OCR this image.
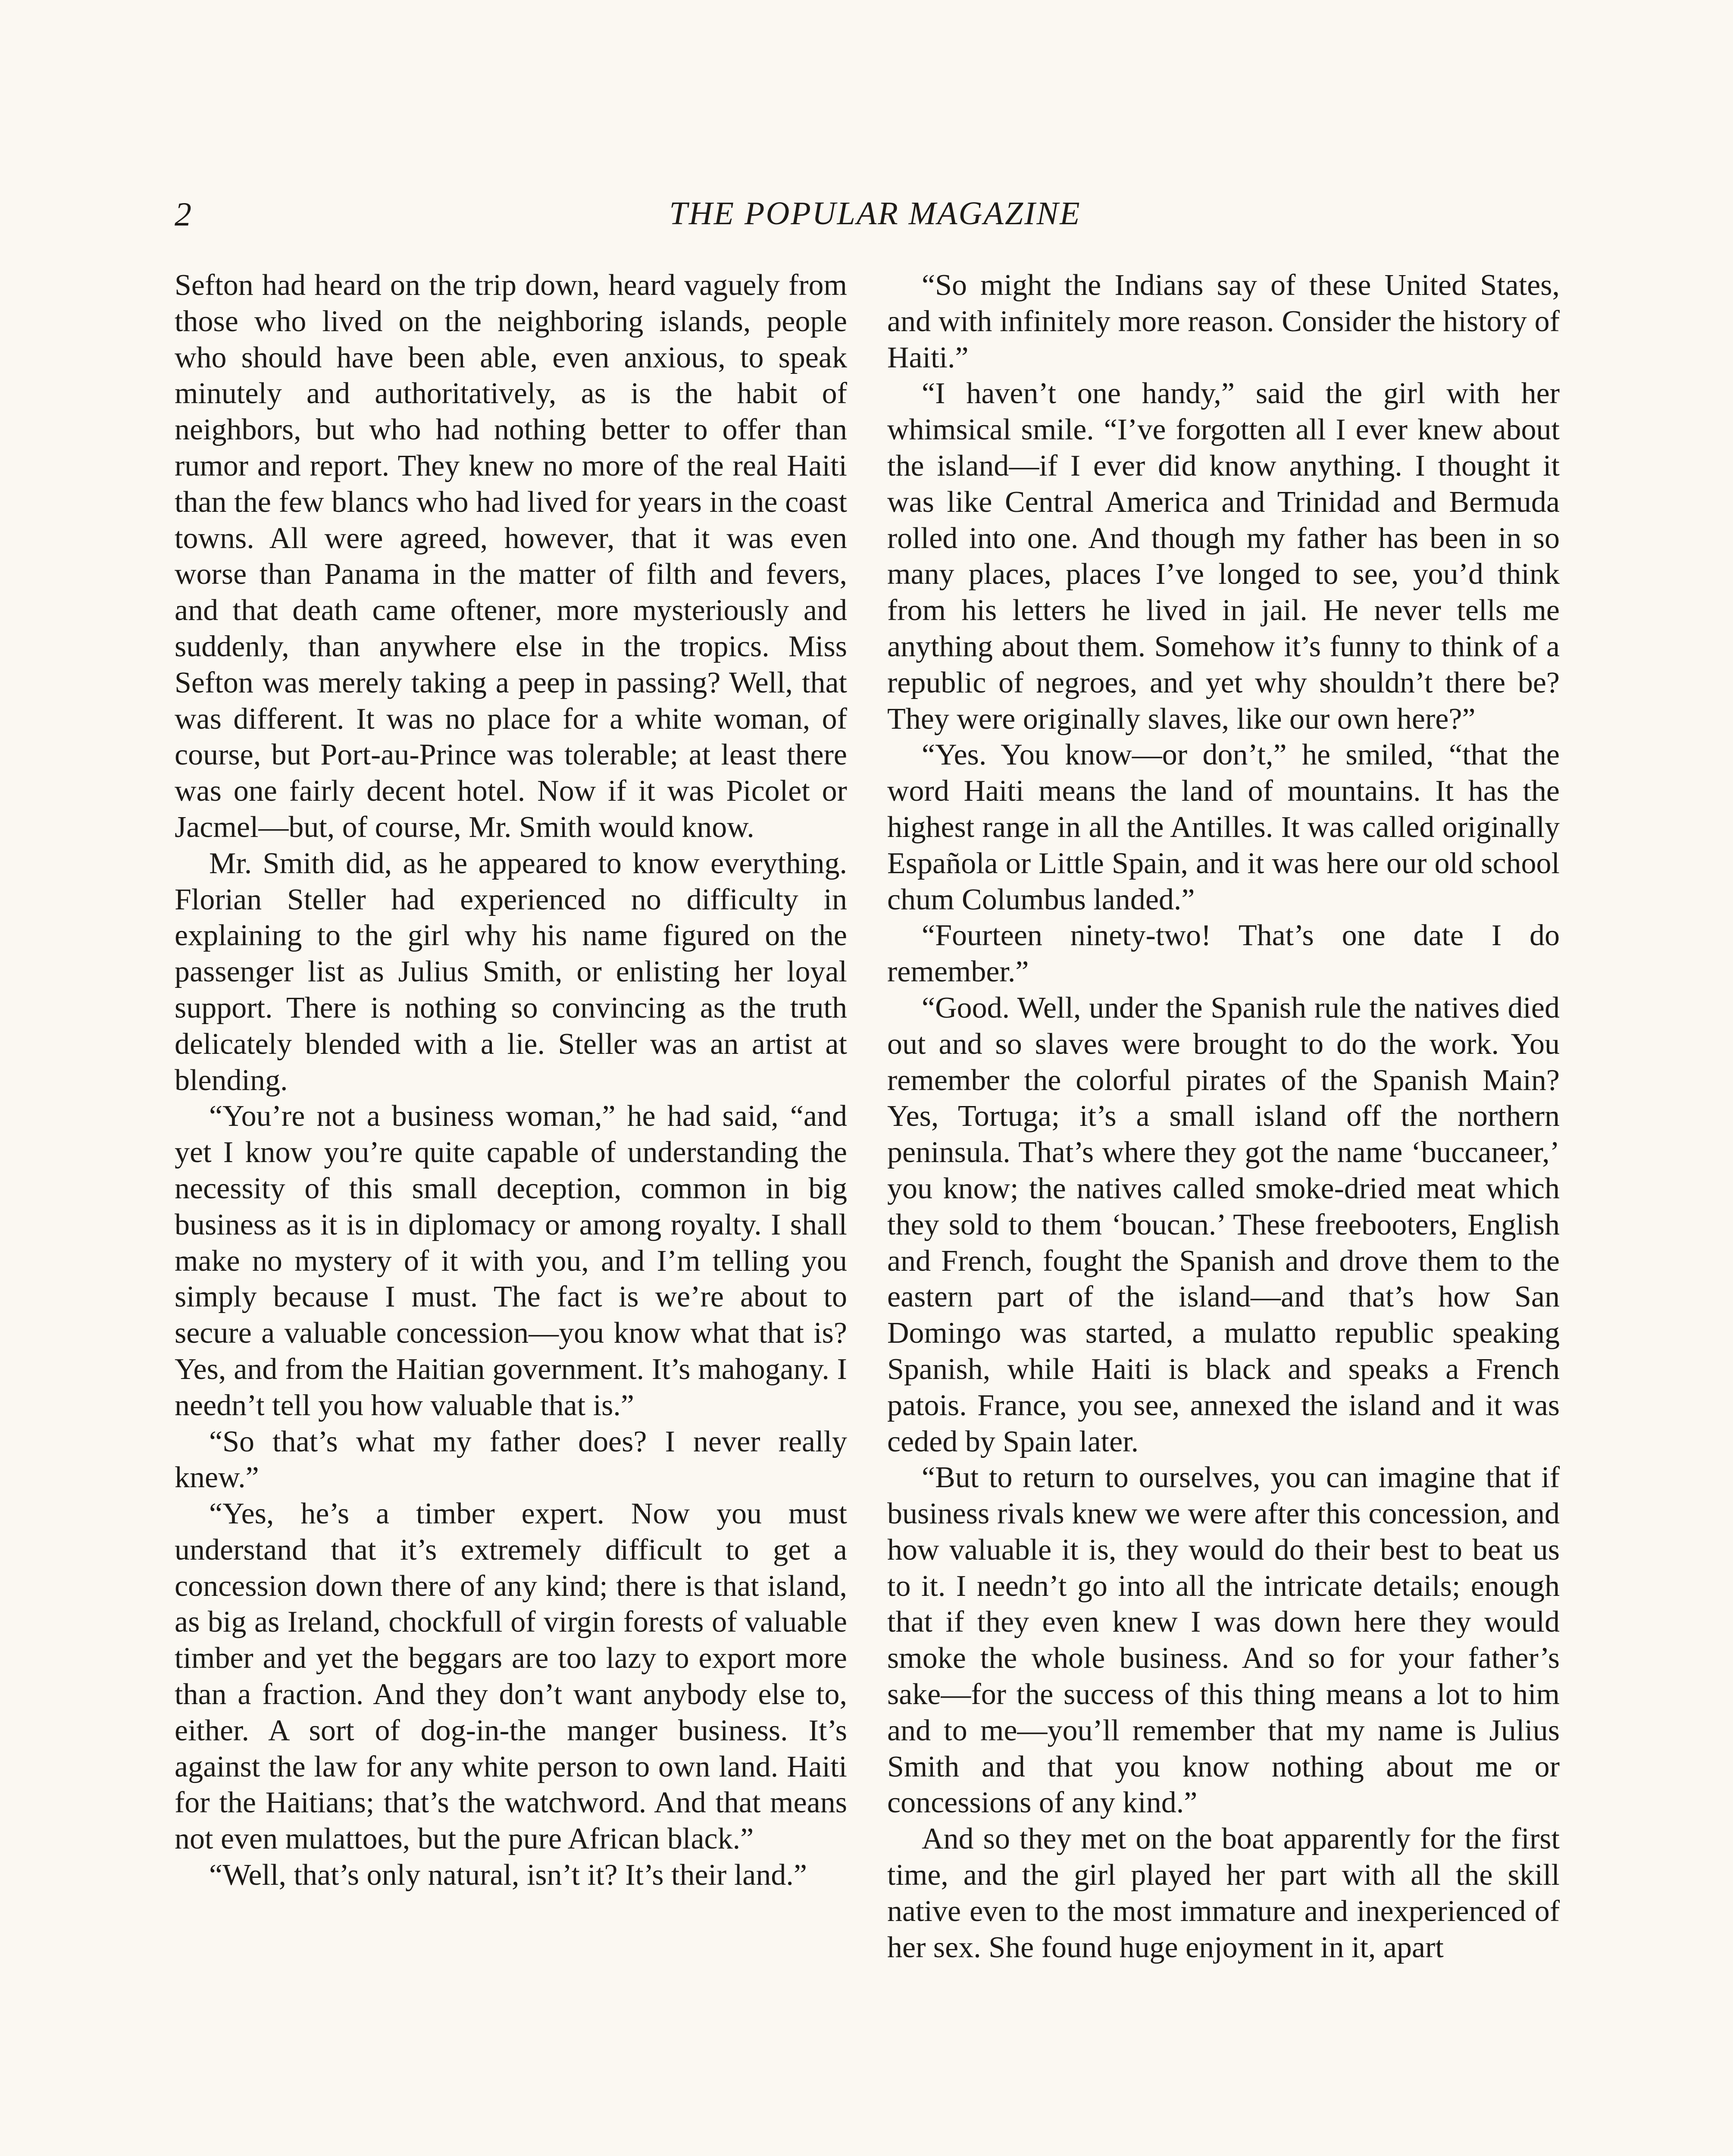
2	THE POPULAR MAGAZINE

Sefton had heard on the trip down, heard vaguely from those who lived on the neighboring islands, people who should have been able, even anxious, to speak minutely and authoritatively, as is the habit of neighbors, but who had nothing better to offer than rumor and report. They knew no more of the real Haiti than the few blancs who had lived for years in the coast towns. All were agreed, however, that it was even worse than Panama in the matter of filth and fevers, and that death came oftener, more mysteriously and suddenly, than anywhere else in the tropics. Miss Sefton was merely taking a peep in passing? Well, that was different. It was no place for a white woman, of course, but Port-au-Prince was tolerable; at least there was one fairly decent hotel. Now if it was Picolet or Jacmel—but, of course, Mr. Smith would know.

Mr. Smith did, as he appeared to know everything. Florian Steller had experienced no difficulty in explaining to the girl why his name figured on the passenger list as Julius Smith, or enlisting her loyal support. There is nothing so convincing as the truth delicately blended with a lie. Steller was an artist at blending.

“You’re not a business woman,” he had said, “and yet I know you’re quite capable of understanding the necessity of this small deception, common in big business as it is in diplomacy or among royalty. I shall make no mystery of it with you, and I’m telling you simply because I must. The fact is we’re about to secure a valuable concession—you know what that is? Yes, and from the Haitian government. It’s mahogany. I needn’t tell you how valuable that is.”

“So that’s what my father does? I never really knew.”

“Yes, he’s a timber expert. Now you must understand that it’s extremely difficult to get a concession down there of any kind; there is that island, as big as Ireland, chockfull of virgin forests of valuable timber and yet the beggars are too lazy to export more than a fraction. And they don’t want anybody else to, either. A sort of dog-in-the manger business. It’s against the law for any white person to own land. Haiti for the Haitians; that’s the watchword. And that means not even mulattoes, but the pure African black.”

“Well, that’s only natural, isn’t it? It’s their land.”

“So might the Indians say of these United States, and with infinitely more reason. Consider the history of Haiti.”

“I haven’t one handy,” said the girl with her whimsical smile. “I’ve forgotten all I ever knew about the island—if I ever did know anything. I thought it was like Central America and Trinidad and Bermuda rolled into one. And though my father has been in so many places, places I’ve longed to see, you’d think from his letters he lived in jail. He never tells me anything about them. Somehow it’s funny to think of a republic of negroes, and yet why shouldn’t there be? They were originally slaves, like our own here?”

“Yes. You know—or don’t,” he smiled, “that the word Haiti means the land of mountains. It has the highest range in all the Antilles. It was called originally Española or Little Spain, and it was here our old school chum Columbus landed.”

“Fourteen ninety-two! That’s one date I do remember.”

“Good. Well, under the Spanish rule the natives died out and so slaves were brought to do the work. You remember the colorful pirates of the Spanish Main? Yes, Tortuga; it’s a small island off the northern peninsula. That’s where they got the name ‘buccaneer,’ you know; the natives called smoke-dried meat which they sold to them ‘boucan.’ These freebooters, English and French, fought the Spanish and drove them to the eastern part of the island—and that’s how San Domingo was started, a mulatto republic speaking Spanish, while Haiti is black and speaks a French patois. France, you see, annexed the island and it was ceded by Spain later.

“But to return to ourselves, you can imagine that if business rivals knew we were after this concession, and how valuable it is, they would do their best to beat us to it. I needn’t go into all the intricate details; enough that if they even knew I was down here they would smoke the whole business. And so for your father’s sake—for the success of this thing means a lot to him and to me—you’ll remember that my name is Julius Smith and that you know nothing about me or concessions of any kind.”

And so they met on the boat apparently for the first time, and the girl played her part with all the skill native even to the most immature and inexperienced of her sex. She found huge enjoyment in it, apart
